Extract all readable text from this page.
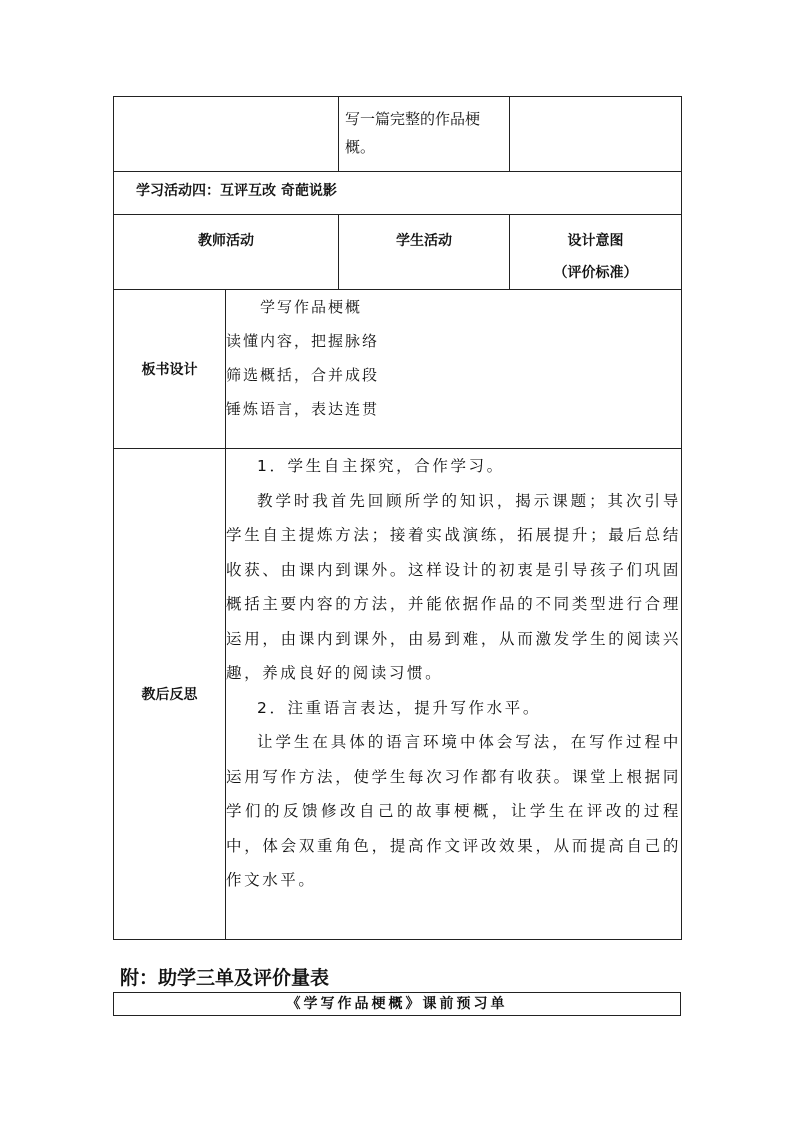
		写一篇完整的作品梗概。	
学习活动四：互评互改 奇葩说影			

教师活动		学生活动	设计意图
（评价标准）

板书设计	学写作品梗概
读懂内容，把握脉络
筛选概括，合并成段
锤炼语言，表达连贯		

教后反思	1．学生自主探究，合作学习。

教学时我首先回顾所学的知识，揭示课题；其次引导学生自主提炼方法；接着实战演练，拓展提升；最后总结收获、由课内到课外。这样设计的初衷是引导孩子们巩固概括主要内容的方法，并能依据作品的不同类型进行合理运用，由课内到课外，由易到难，从而激发学生的阅读兴趣，养成良好的阅读习惯。

2．注重语言表达，提升写作水平。

让学生在具体的语言环境中体会写法，在写作过程中运用写作方法，使学生每次习作都有收获。课堂上根据同学们的反馈修改自己的故事梗概，让学生在评改的过程中，体会双重角色，提高作文评改效果，从而提高自己的作文水平。		

附：助学三单及评价量表
《学写作品梗概》课前预习单
